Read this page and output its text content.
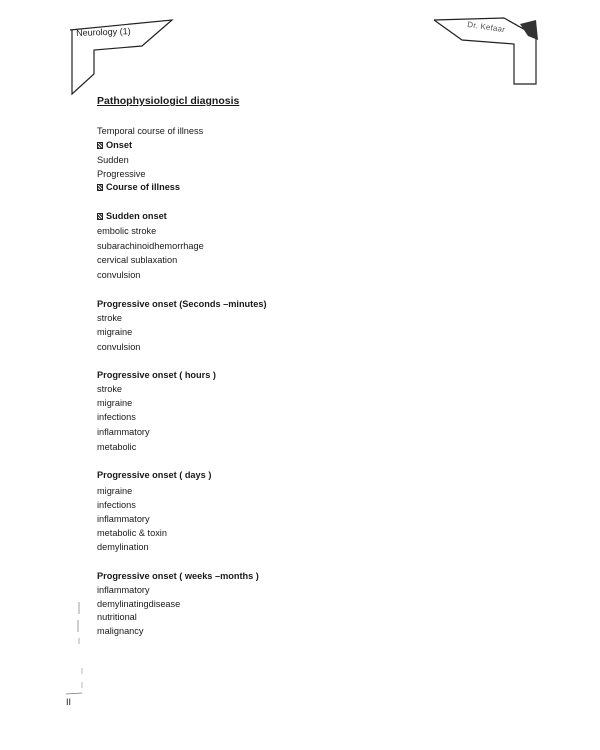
Neurology (1)	Dr. Kefaar
Pathophysiologicl diagnosis
Temporal course of illness
Onset
Sudden
Progressive
Course of illness
Sudden onset
embolic stroke
subarachinoidhemorrhage
cervical sublaxation
convulsion
Progressive onset (Seconds –minutes)
stroke
migraine
convulsion
Progressive onset ( hours )
stroke
migraine
infections
inflammatory
metabolic
Progressive onset ( days )
migraine
infections
inflammatory
metabolic & toxin
demylination
Progressive onset ( weeks –months )
inflammatory
demylinatingdisease
nutritional
malignancy
II
